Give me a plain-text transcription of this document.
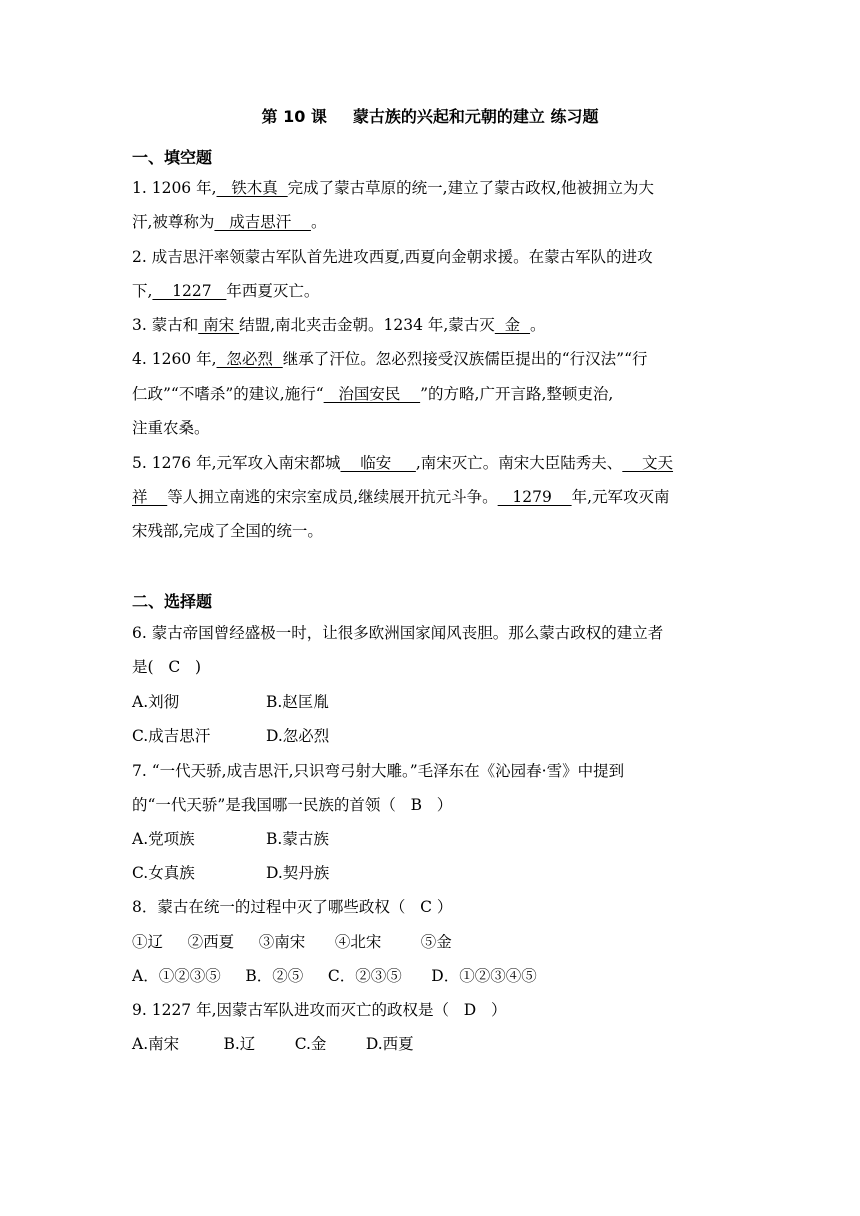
第 10 课 蒙古族的兴起和元朝的建立 练习题
一、填空题
1. 1206 年,   铁木真  完成了蒙古草原的统一,建立了蒙古政权,他被拥立为大
汗,被尊称为   成吉思汗    。
2. 成吉思汗率领蒙古军队首先进攻西夏,西夏向金朝求援。在蒙古军队的进攻
下,    1227   年西夏灭亡。
3. 蒙古和 南宋 结盟,南北夹击金朝。1234 年,蒙古灭  金  。
4. 1260 年,  忽必烈  继承了汗位。忽必烈接受汉族儒臣提出的“行汉法”“行
仁政”“不嗜杀”的建议,施行“   治国安民    ”的方略,广开言路,整顿吏治,
注重农桑。
5. 1276 年,元军攻入南宋都城    临安     ,南宋灭亡。南宋大臣陆秀夫、    文天
祥    等人拥立南逃的宋宗室成员,继续展开抗元斗争。   1279    年,元军攻灭南
宋残部,完成了全国的统一。
二、选择题
6. 蒙古帝国曾经盛极一时，让很多欧洲国家闻风丧胆。那么蒙古政权的建立者
是(   C   )
A.刘彻	B.赵匡胤
C.成吉思汗	D.忽必烈
7. “一代天骄,成吉思汗,只识弯弓射大雕。”毛泽东在《沁园春·雪》中提到
的“一代天骄”是我国哪一民族的首领（   B   ）
A.党项族	B.蒙古族
C.女真族	D.契丹族
8．蒙古在统一的过程中灭了哪些政权（   C ）
①辽     ②西夏     ③南宋      ④北宋        ⑤金
A．①②③⑤     B．②⑤     C．②③⑤      D．①②③④⑤
9. 1227 年,因蒙古军队进攻而灭亡的政权是（   D   ）
A.南宋         B.辽        C.金        D.西夏
